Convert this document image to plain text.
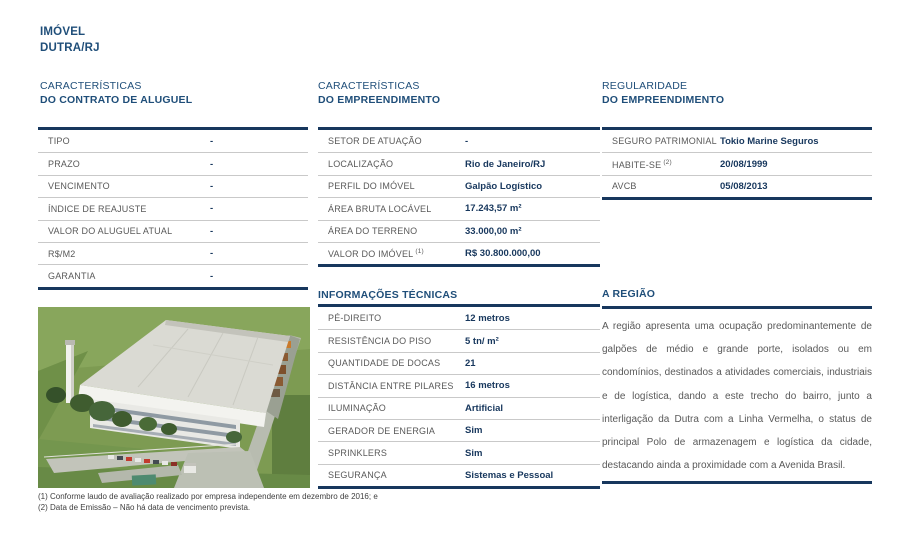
IMÓVEL
DUTRA/RJ
CARACTERÍSTICAS
DO CONTRATO DE ALUGUEL
CARACTERÍSTICAS
DO EMPREENDIMENTO
REGULARIDADE
DO EMPREENDIMENTO
TIPO	-
PRAZO	-
VENCIMENTO	-
ÍNDICE DE REAJUSTE	-
VALOR DO ALUGUEL ATUAL	-
R$/M2	-
GARANTIA	-
SETOR DE ATUAÇÃO	-
LOCALIZAÇÃO	Rio de Janeiro/RJ
PERFIL DO IMÓVEL	Galpão Logístico
ÁREA BRUTA LOCÁVEL	17.243,57 m²
ÁREA DO TERRENO	33.000,00 m²
VALOR DO IMÓVEL $^{(1)}$	R$ 30.800.000,00
INFORMAÇÕES TÉCNICAS
PÉ-DIREITO	12 metros
RESISTÊNCIA DO PISO	5 tn/ m²
QUANTIDADE DE DOCAS	21
DISTÂNCIA ENTRE PILARES	16 metros
ILUMINAÇÃO	Artificial
GERADOR DE ENERGIA	Sim
SPRINKLERS	Sim
SEGURANÇA	Sistemas e Pessoal
SEGURO PATRIMONIAL Tokio Marine Seguros
HABITE-SE $^{(2)}$	20/08/1999
AVCB	05/08/2013
A REGIÃO
A região apresenta uma ocupação predominantemente de galpões de médio e grande porte, isolados ou em condomínios, destinados a atividades comerciais, industriais e de logística, dando a este trecho do bairro, junto a interligação da Dutra com a Linha Vermelha, o status de principal Polo de armazenagem e logística da cidade, destacando ainda a proximidade com a Avenida Brasil.
(1) Conforme laudo de avaliação realizado por empresa independente em dezembro de 2016; e
(2) Data de Emissão – Não há data de vencimento prevista.
